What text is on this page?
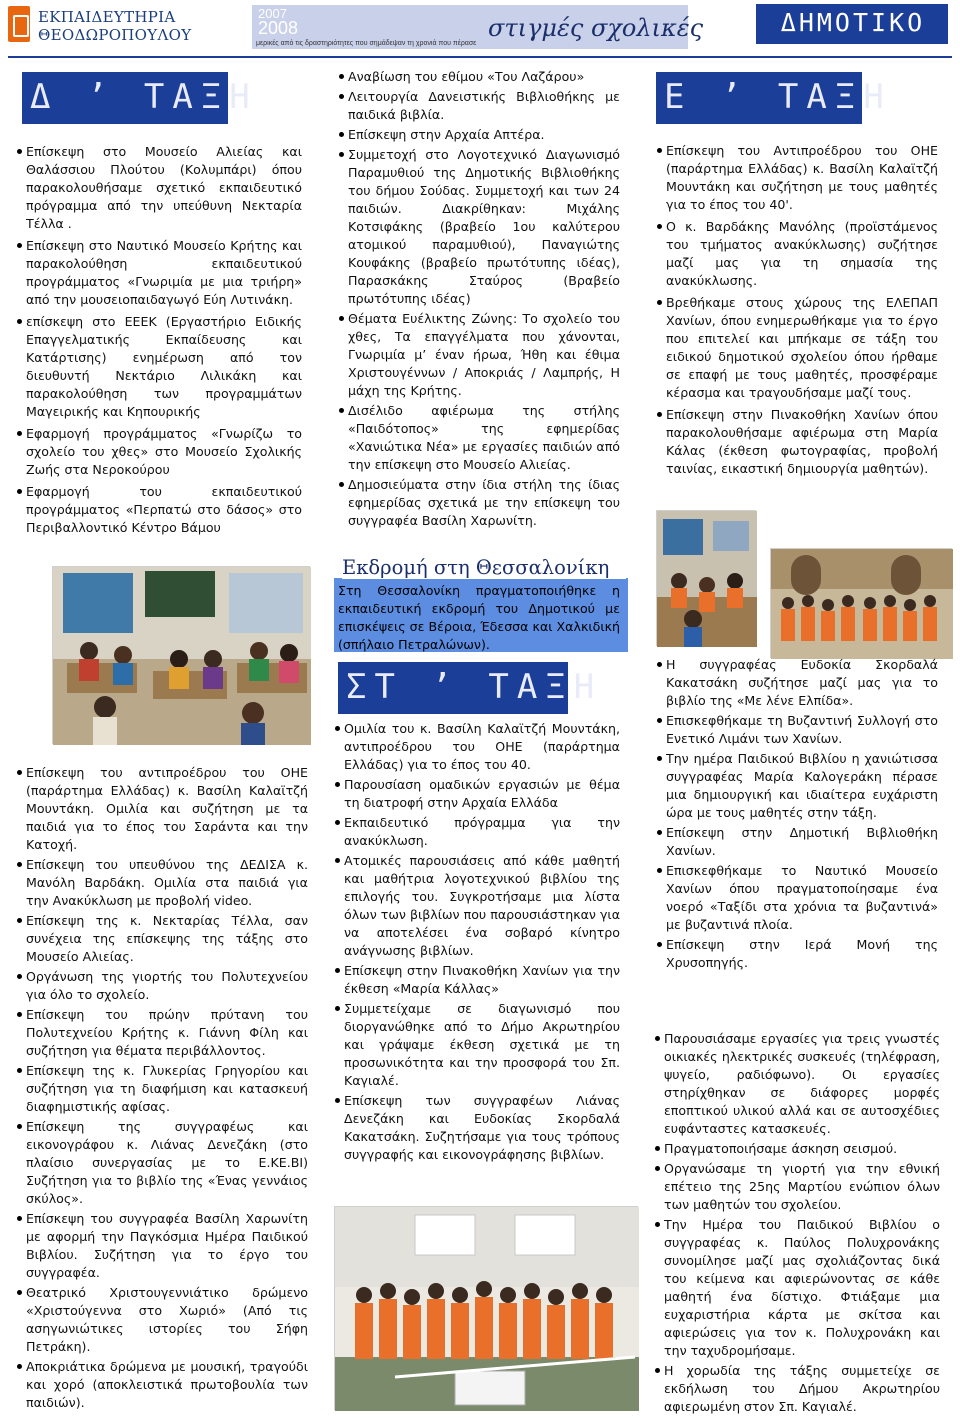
ΕΚΠΑΙΔΕΥΤΗΡΙΑ
ΘΕΟΔΩΡΟΠΟΥΛΟΥ
2007
2008
μερικές από τις δραστηριότητες που σημάδεψαν τη χρονιά που πέρασε
στιγμές σχολικές	ΔΗΜΟΤΙΚΟ
Δ ’ ΤΑΞΗ
Επίσκεψη στο Μουσείο Αλιείας και Θαλάσσιου Πλούτου (Κολυμπάρι) όπου παρακολουθήσαμε σχετικό εκπαιδευτικό πρόγραμμα από την υπεύθυνη Νεκταρία Τέλλα .
Επίσκεψη στο Ναυτικό Μουσείο Κρήτης και παρακολούθηση εκπαιδευτικού προγράμματος «Γνωριμία με μια τριήρη» από την μουσειοπαιδαγωγό Εύη Λυτινάκη.
επίσκεψη στο ΕΕΕΚ (Εργαστήριο Ειδικής Επαγγελματικής Εκπαίδευσης και Κατάρτισης) ενημέρωση από τον διευθυντή Νεκτάριο Λιλικάκη και παρακολούθηση των προγραμμάτων Μαγειρικής και Κηπουρικής
Εφαρμογή προγράμματος «Γνωρίζω το σχολείο του χθες» στο Μουσείο Σχολικής Ζωής στα Νεροκούρου
Εφαρμογή του εκπαιδευτικού προγράμματος «Περπατώ στο δάσος» στο Περιβαλλοντικό Κέντρο Βάμου
Επίσκεψη του αντιπροέδρου του ΟΗΕ (παράρτημα Ελλάδας) κ. Βασίλη Καλαϊτζή Μουντάκη. Ομιλία και συζήτηση με τα παιδιά για το έπος του Σαράντα και την Κατοχή.
Επίσκεψη του υπευθύνου της ΔΕΔΙΣΑ κ. Μανόλη Βαρδάκη. Ομιλία στα παιδιά για την Ανακύκλωση με προβολή video.
Επίσκεψη της κ. Νεκταρίας Τέλλα, σαν συνέχεια της επίσκεψης της τάξης στο Μουσείο Αλιείας.
Οργάνωση της γιορτής του Πολυτεχνείου για όλο το σχολείο.
Επίσκεψη του πρώην πρύτανη του Πολυτεχνείου Κρήτης κ. Γιάννη Φίλη και συζήτηση για θέματα περιβάλλοντος.
Επίσκεψη της κ. Γλυκερίας Γρηγορίου και συζήτηση για τη διαφήμιση και κατασκευή διαφημιστικής αφίσας.
Επίσκεψη της συγγραφέως και εικονογράφου κ. Λιάνας Δενεζάκη (στο πλαίσιο συνεργασίας με το Ε.ΚΕ.ΒΙ) Συζήτηση για το βιβλίο της «Ένας γεννάιος σκύλος».
Επίσκεψη του συγγραφέα Βασίλη Χαρωνίτη με αφορμή την Παγκόσμια Ημέρα Παιδικού Βιβλίου. Συζήτηση για το έργο του συγγραφέα.
Θεατρικό Χριστουγεννιάτικο δρώμενο «Χριστούγεννα στο Χωριό» (Από τις ασηγωνιώτικες ιστορίες του Σήφη Πετράκη).
Αποκριάτικα δρώμενα με μουσική, τραγούδι και χορό (αποκλειστικά πρωτοβουλία των παιδιών).
Αναβίωση του εθίμου «Του Λαζάρου»
Λειτουργία Δανειστικής Βιβλιοθήκης με παιδικά βιβλία.
Επίσκεψη στην Αρχαία Απτέρα.
Συμμετοχή στο Λογοτεχνικό Διαγωνισμό Παραμυθιού της Δημοτικής Βιβλιοθήκης του δήμου Σούδας. Συμμετοχή και των 24 παιδιών. Διακρίθηκαν: Μιχάλης Κοτσιφάκης (βραβείο 1ου καλύτερου ατομικού παραμυθιού), Παναγιώτης Κουφάκης (βραβείο πρωτότυπης ιδέας), Παρασκάκης Σταύρος (Βραβείο πρωτότυπης ιδέας)
Θέματα Ευέλικτης Ζώνης: Το σχολείο του χθες, Τα επαγγέλματα που χάνονται, Γνωριμία μ’ έναν ήρωα, Ήθη και έθιμα Χριστουγέννων / Αποκριάς / Λαμπρής, Η μάχη της Κρήτης.
Δισέλιδο αφιέρωμα της στήλης «Παιδότοπος» της εφημερίδας «Χανιώτικα Νέα» με εργασίες παιδιών από την επίσκεψη στο Μουσείο Αλιείας.
Δημοσιεύματα στην ίδια στήλη της ίδιας εφημερίδας σχετικά με την επίσκεψη του συγγραφέα Βασίλη Χαρωνίτη.
Εκδρομή στη Θεσσαλονίκη
Στη Θεσσαλονίκη πραγματοποιήθηκε η εκπαιδευτική εκδρομή του Δημοτικού με επισκέψεις σε Βέροια, Έδεσσα και Χαλκιδική (σπήλαιο Πετραλώνων).
ΣΤ ’ ΤΑΞΗ
Ομιλία του κ. Βασίλη Καλαϊτζή Μουντάκη, αντιπροέδρου του ΟΗΕ (παράρτημα Ελλάδας) για το έπος του 40.
Παρουσίαση ομαδικών εργασιών με θέμα τη διατροφή στην Αρχαία Ελλάδα
Εκπαιδευτικό πρόγραμμα για την ανακύκλωση.
Ατομικές παρουσιάσεις από κάθε μαθητή και μαθήτρια λογοτεχνικού βιβλίου της επιλογής του. Συγκροτήσαμε μια λίστα όλων των βιβλίων που παρουσιάστηκαν για να αποτελέσει ένα σοβαρό κίνητρο ανάγνωσης βιβλίων.
Επίσκεψη στην Πινακοθήκη Χανίων για την έκθεση «Μαρία Κάλλας»
Συμμετείχαμε σε διαγωνισμό που διοργανώθηκε από το Δήμο Ακρωτηρίου και γράψαμε έκθεση σχετικά με τη προσωνικότητα και την προσφορά του Σπ. Καγιαλέ.
Επίσκεψη των συγγραφέων Λιάνας Δενεζάκη και Ευδοκίας Σκορδαλά Κακατσάκη. Συζητήσαμε για τους τρόπους συγγραφής και εικονογράφησης βιβλίων.
Ε ’ ΤΑΞΗ
Επίσκεψη του Αντιπροέδρου του ΟΗΕ (παράρτημα Ελλάδας) κ. Βασίλη Καλαϊτζή Μουντάκη και συζήτηση με τους μαθητές για το έπος του 40'.
Ο κ. Βαρδάκης Μανόλης (προϊστάμενος του τμήματος ανακύκλωσης) συζήτησε μαζί μας για τη σημασία της ανακύκλωσης.
Βρεθήκαμε στους χώρους της ΕΛΕΠΑΠ Χανίων, όπου ενημερωθήκαμε για το έργο που επιτελεί και μπήκαμε σε τάξη του ειδικού δημοτικού σχολείου όπου ήρθαμε σε επαφή με τους μαθητές, προσφέραμε κέρασμα και τραγουδήσαμε μαζί τους.
Επίσκεψη στην Πινακοθήκη Χανίων όπου παρακολουθήσαμε αφιέρωμα στη Μαρία Κάλας (έκθεση φωτογραφίας, προβολή ταινίας, εικαστική δημιουργία μαθητών).
Η συγγραφέας Ευδοκία Σκορδαλά Κακατσάκη συζήτησε μαζί μας για το βιβλίο της «Με λένε Ελπίδα».
Επισκεφθήκαμε τη Βυζαντινή Συλλογή στο Ενετικό Λιμάνι των Χανίων.
Την ημέρα Παιδικού Βιβλίου η χανιώτισσα συγγραφέας Μαρία Καλογεράκη πέρασε μια δημιουργική και ιδιαίτερα ευχάριστη ώρα με τους μαθητές στην τάξη.
Επίσκεψη στην Δημοτική Βιβλιοθήκη Χανίων.
Επισκεφθήκαμε το Ναυτικό Μουσείο Χανίων όπου πραγματοποίησαμε ένα νοερό «Ταξίδι στα χρόνια τα βυζαντινά» με βυζαντινά πλοία.
Επίσκεψη στην Ιερά Μονή της Χρυσοπηγής.
Παρουσιάσαμε εργασίες για τρεις γνωστές οικιακές ηλεκτρικές συσκευές (τηλέφραση, ψυγείο, ραδιόφωνο). Οι εργασίες στηρίχθηκαν σε διάφορες μορφές εποπτικού υλικού αλλά και σε αυτοσχέδιες ευφάνταστες κατασκευές.
Πραγματοποιήσαμε άσκηση σεισμού.
Οργανώσαμε τη γιορτή για την εθνική επέτειο της 25ης Μαρτίου ενώπιον όλων των μαθητών του σχολείου.
Την Ημέρα του Παιδικού Βιβλίου ο συγγραφέας κ. Παύλος Πολυχρονάκης συνομίλησε μαζί μας σχολιάζοντας δικά του κείμενα και αφιερώνοντας σε κάθε μαθητή ένα δίστιχο. Φτιάξαμε μια ευχαριστήρια κάρτα με σκίτσα και αφιερώσεις για τον κ. Πολυχρονάκη και την ταχυδρομήσαμε.
Η χορωδία της τάξης συμμετείχε σε εκδήλωση του Δήμου Ακρωτηρίου αφιερωμένη στον Σπ. Καγιαλέ.
